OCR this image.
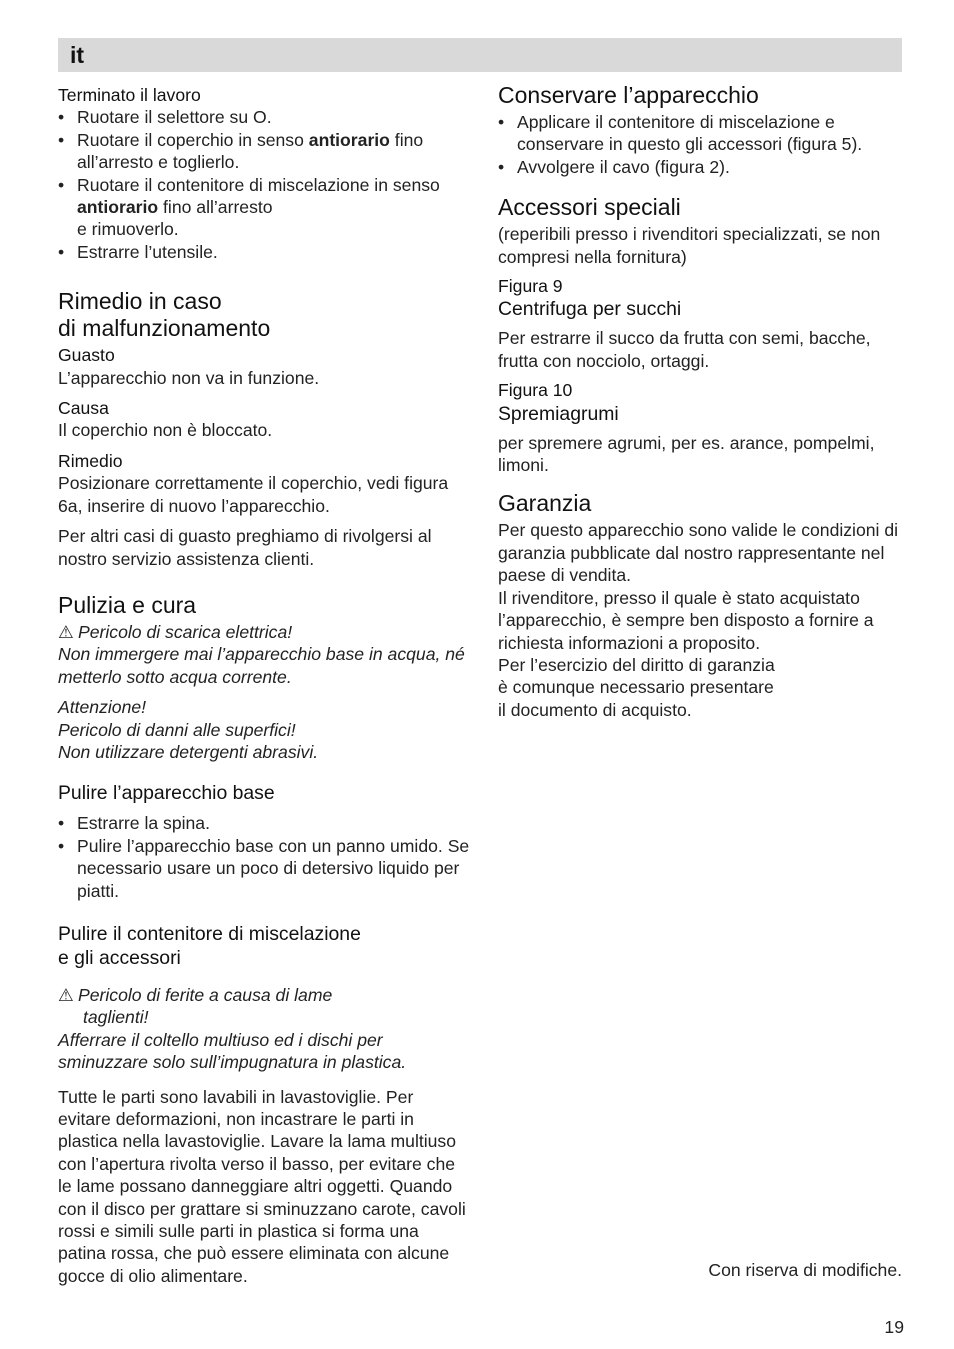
it

Terminato il lavoro

• Ruotare il selettore su O.
• Ruotare il coperchio in senso antiorario fino all’arresto e toglierlo.
• Ruotare il contenitore di miscelazione in senso antiorario fino all’arresto
e rimuoverlo.
• Estrarre l’utensile.

Rimedio in caso
di malfunzionamento

Guasto

L’apparecchio non va in funzione.

Causa

Il coperchio non è bloccato.

Rimedio

Posizionare correttamente il coperchio, vedi figura 6a, inserire di nuovo l’apparecchio.

Per altri casi di guasto preghiamo di rivolgersi al nostro servizio assistenza clienti.

Pulizia e cura

⚠ Pericolo di scarica elettrica!

Non immergere mai l’apparecchio base in acqua, né metterlo sotto acqua corrente.

Attenzione!

Pericolo di danni alle superfici!

Non utilizzare detergenti abrasivi.

Pulire l’apparecchio base

• Estrarre la spina.
• Pulire l’apparecchio base con un panno umido. Se necessario usare un poco di detersivo liquido per piatti.

Pulire il contenitore di miscelazione
e gli accessori

⚠ Pericolo di ferite a causa di lame
taglienti!

Afferrare il coltello multiuso ed i dischi per sminuzzare solo sull’impugnatura in plastica.

Tutte le parti sono lavabili in lavastoviglie. Per evitare deformazioni, non incastrare le parti in plastica nella lavastoviglie. Lavare la lama multiuso con l’apertura rivolta verso il basso, per evitare che le lame possano danneggiare altri oggetti. Quando con il disco per grattare si sminuzzano carote, cavoli rossi e simili sulle parti in plastica si forma una patina rossa, che può essere eliminata con alcune gocce di olio alimentare.

Conservare l’apparecchio

• Applicare il contenitore di miscelazione e conservare in questo gli accessori (figura 5).
• Avvolgere il cavo (figura 2).

Accessori speciali

(reperibili presso i rivenditori specializzati, se non compresi nella fornitura)

Figura 9

Centrifuga per succhi

Per estrarre il succo da frutta con semi, bacche, frutta con nocciolo, ortaggi.

Figura 10

Spremiagrumi

per spremere agrumi, per es. arance, pompelmi, limoni.

Garanzia

Per questo apparecchio sono valide le condizioni di garanzia pubblicate dal nostro rappresentante nel paese di vendita.

Il rivenditore, presso il quale è stato acquistato l’apparecchio, è sempre ben disposto a fornire a richiesta informazioni a proposito.

Per l’esercizio del diritto di garanzia
è comunque necessario presentare
il documento di acquisto.

Con riserva di modifiche.
19
